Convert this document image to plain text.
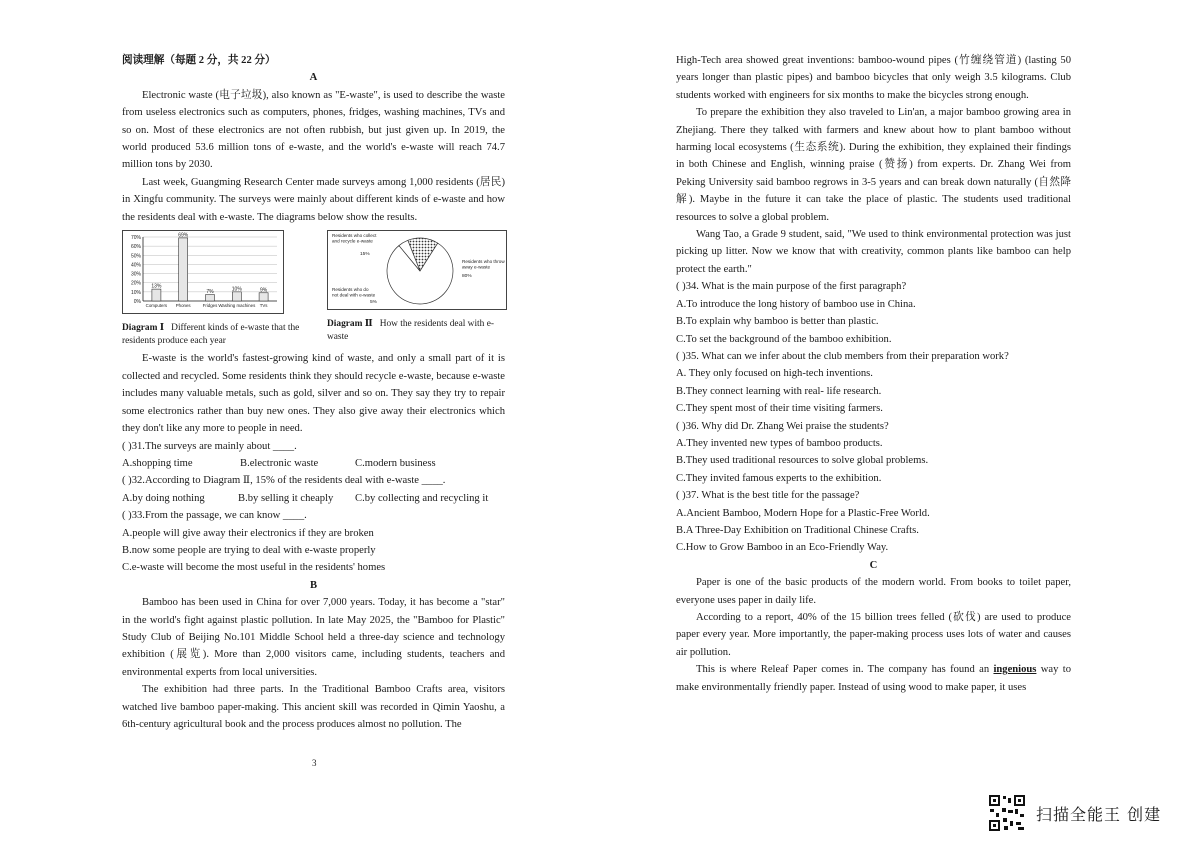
阅读理解（每题 2 分，共 22 分）

A

Electronic waste (电子垃圾), also known as "E-waste", is used to describe the waste from useless electronics such as computers, phones, fridges, washing machines, TVs and so on. Most of these electronics are not often rubbish, but just given up. In 2019, the world produced 53.6 million tons of e-waste, and the world's e-waste will reach 74.7 million tons by 2030.

Last week, Guangming Research Center made surveys among 1,000 residents (居民) in Xingfu community. The surveys were mainly about different kinds of e-waste and how the residents deal with e-waste. The diagrams below show the results.

70%
60%
50%
40%
30%
20%
10%
0%
13%
Computers
69%
Phones
7%
Fridges
10%
Washing machines
9%
TVs
Diagram Ⅰ Different kinds of e-waste that the residents produce each year
Residents who collect
and recycle e-waste
15%
Residents who throw
away e-waste
80%
Residents who do
not deal with e-waste
5%
Diagram Ⅱ How the residents deal with e-waste

E-waste is the world's fastest-growing kind of waste, and only a small part of it is collected and recycled. Some residents think they should recycle e-waste, because e-waste includes many valuable metals, such as gold, silver and so on. They say they try to repair some electronics rather than buy new ones. They also give away their electronics which they don't like any more to people in need.

( )31.The surveys are mainly about ____.

A.shopping time	B.electronic waste	C.modern business

( )32.According to Diagram Ⅱ, 15% of the residents deal with e-waste ____.

A.by doing nothing	B.by selling it cheaply	C.by collecting and recycling it

( )33.From the passage, we can know ____.

A.people will give away their electronics if they are broken

B.now some people are trying to deal with e-waste properly

C.e-waste will become the most useful in the residents' homes

B

Bamboo has been used in China for over 7,000 years. Today, it has become a "star" in the world's fight against plastic pollution. In late May 2025, the "Bamboo for Plastic" Study Club of Beijing No.101 Middle School held a three-day science and technology exhibition (展览). More than 2,000 visitors came, including students, teachers and environmental experts from local universities.

The exhibition had three parts. In the Traditional Bamboo Crafts area, visitors watched live bamboo paper-making. This ancient skill was recorded in Qimin Yaoshu, a 6th-century agricultural book and the process produces almost no pollution. The

3

High-Tech area showed great inventions: bamboo-wound pipes (竹缠绕管道) (lasting 50 years longer than plastic pipes) and bamboo bicycles that only weigh 3.5 kilograms. Club students worked with engineers for six months to make the bicycles strong enough.

To prepare the exhibition they also traveled to Lin'an, a major bamboo growing area in Zhejiang. There they talked with farmers and knew about how to plant bamboo without harming local ecosystems (生态系统). During the exhibition, they explained their findings in both Chinese and English, winning praise (赞扬) from experts. Dr. Zhang Wei from Peking University said bamboo regrows in 3-5 years and can break down naturally (自然降解). Maybe in the future it can take the place of plastic. The students used traditional resources to solve a global problem.

Wang Tao, a Grade 9 student, said, "We used to think environmental protection was just picking up litter. Now we know that with creativity, common plants like bamboo can help protect the earth."

( )34. What is the main purpose of the first paragraph?

A.To introduce the long history of bamboo use in China.

B.To explain why bamboo is better than plastic.

C.To set the background of the bamboo exhibition.

( )35. What can we infer about the club members from their preparation work?

A. They only focused on high-tech inventions.

B.They connect learning with real- life research.

C.They spent most of their time visiting farmers.

( )36. Why did Dr. Zhang Wei praise the students?

A.They invented new types of bamboo products.

B.They used traditional resources to solve global problems.

C.They invited famous experts to the exhibition.

( )37. What is the best title for the passage?

A.Ancient Bamboo, Modern Hope for a Plastic-Free World.

B.A Three-Day Exhibition on Traditional Chinese Crafts.

C.How to Grow Bamboo in an Eco-Friendly Way.

C

Paper is one of the basic products of the modern world. From books to toilet paper, everyone uses paper in daily life.

According to a report, 40% of the 15 billion trees felled (砍伐) are used to produce paper every year. More importantly, the paper-making process uses lots of water and causes air pollution.

This is where Releaf Paper comes in. The company has found an ingenious way to make environmentally friendly paper. Instead of using wood to make paper, it uses

扫描全能王 创建
